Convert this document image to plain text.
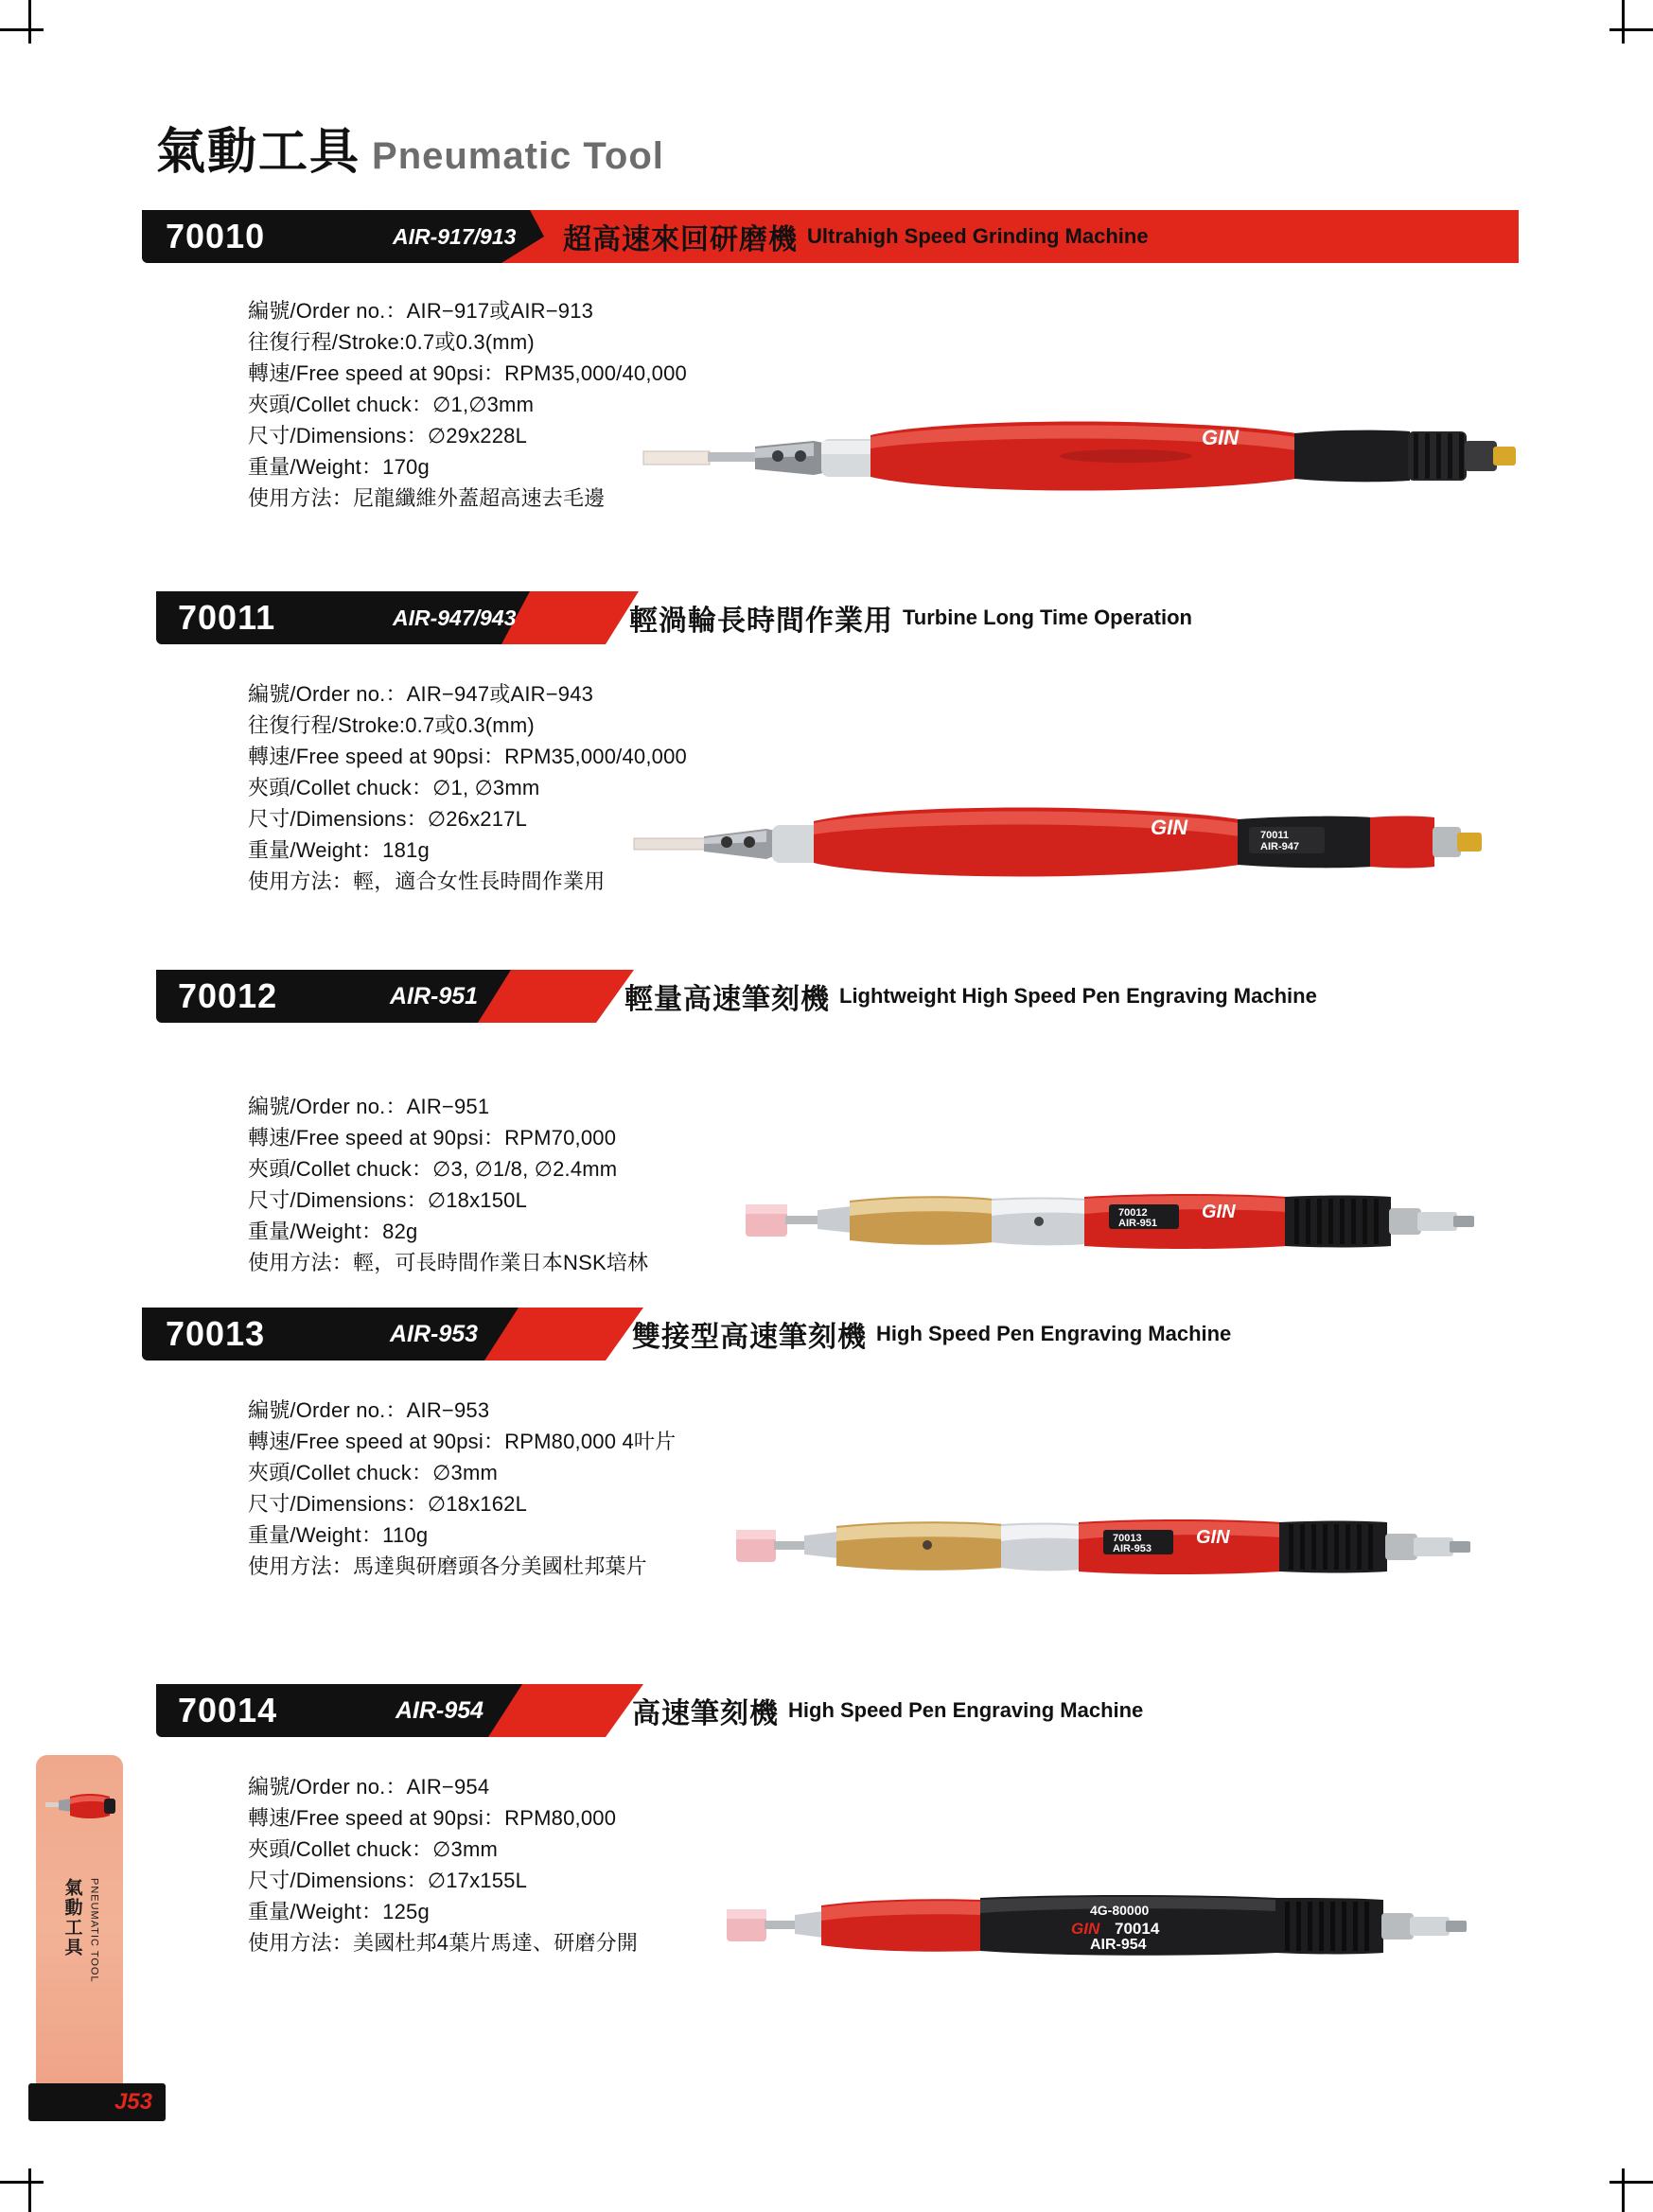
氣動工具 Pneumatic Tool
70010	AIR-917/913 超高速來回研磨機 Ultrahigh Speed Grinding Machine
編號/Order no.：AIR−917或AIR−913
往復行程/Stroke:0.7或0.3(mm)
轉速/Free speed at 90psi：RPM35,000/40,000
夾頭/Collet chuck：∅1,∅3mm
尺寸/Dimensions：∅29x228L
重量/Weight：170g
使用方法：尼龍纖維外蓋超高速去毛邊
GIN
70011	AIR-947/943	輕渦輪長時間作業用 Turbine Long Time Operation
編號/Order no.：AIR−947或AIR−943
往復行程/Stroke:0.7或0.3(mm)
轉速/Free speed at 90psi：RPM35,000/40,000
夾頭/Collet chuck：∅1, ∅3mm
尺寸/Dimensions：∅26x217L
重量/Weight：181g
使用方法：輕，適合女性長時間作業用
GIN	70011
AIR-947
70012	AIR-951	輕量高速筆刻機 Lightweight High Speed Pen Engraving Machine
編號/Order no.：AIR−951
轉速/Free speed at 90psi：RPM70,000
夾頭/Collet chuck：∅3, ∅1/8, ∅2.4mm
尺寸/Dimensions：∅18x150L
重量/Weight：82g
使用方法：輕，可長時間作業日本NSK培林
70012
AIR-951
GIN
70013	AIR-953	雙接型高速筆刻機 High Speed Pen Engraving Machine
編號/Order no.：AIR−953
轉速/Free speed at 90psi：RPM80,000 4叶片
夾頭/Collet chuck：∅3mm
尺寸/Dimensions：∅18x162L
重量/Weight：110g
使用方法：馬達與研磨頭各分美國杜邦葉片
70013
AIR-953
GIN
70014	AIR-954	高速筆刻機 High Speed Pen Engraving Machine
編號/Order no.：AIR−954
轉速/Free speed at 90psi：RPM80,000
夾頭/Collet chuck：∅3mm
尺寸/Dimensions：∅17x155L
重量/Weight：125g
使用方法：美國杜邦4葉片馬達、研磨分開
4G-80000
GIN 70014
AIR-954
氣動工具 PNEUMATIC TOOL
J53
